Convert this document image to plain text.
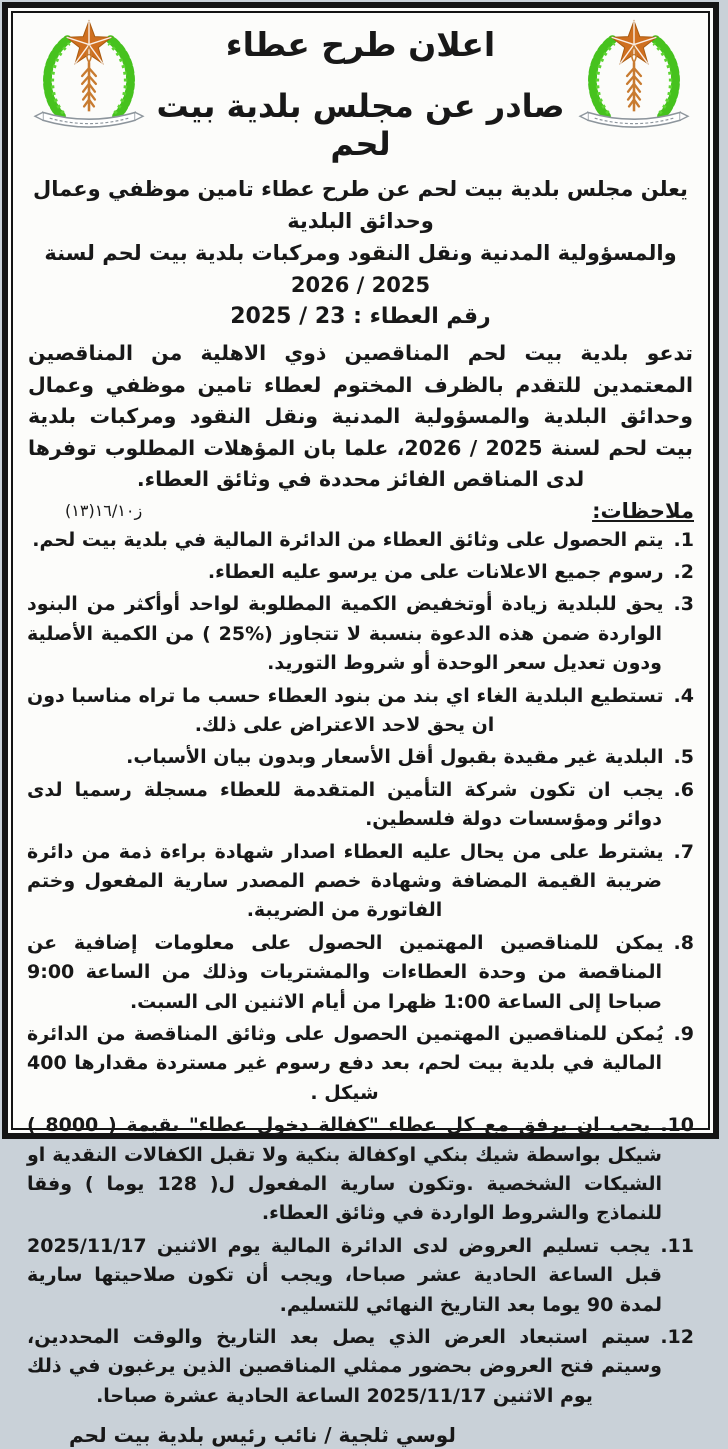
اعلان طرح عطاء
صادر عن مجلس بلدية بيت لحم
يعلن مجلس بلدية بيت لحم عن طرح عطاء تامين موظفي وعمال وحدائق البلدية
والمسؤولية المدنية ونقل النقود ومركبات بلدية بيت لحم لسنة 2025 / 2026
رقم العطاء : 23 / 2025
تدعو بلدية بيت لحم المناقصين ذوي الاهلية من المناقصين المعتمدين للتقدم بالظرف المختوم لعطاء تامين موظفي وعمال وحدائق البلدية والمسؤولية المدنية ونقل النقود ومركبات بلدية بيت لحم لسنة 2025 / 2026، علما بان المؤهلات المطلوب توفرها لدى المناقص الفائز محددة في وثائق العطاء.
ملاحظات:
ز١٦/١٠(١٣)
1.يتم الحصول على وثائق العطاء من الدائرة المالية في بلدية بيت لحم.
2.رسوم جميع الاعلانات على من يرسو عليه العطاء.
3.يحق للبلدية زيادة أوتخفيض الكمية المطلوبة لواحد أوأكثر من البنود الواردة ضمن هذه الدعوة بنسبة لا تتجاوز ⁦( 25%)⁩ من الكمية الأصلية ودون تعديل سعر الوحدة أو شروط التوريد.
4.تستطيع البلدية الغاء اي بند من بنود العطاء حسب ما تراه مناسبا دون ان يحق لاحد الاعتراض على ذلك.
5.البلدية غير مقيدة بقبول أقل الأسعار وبدون بيان الأسباب.
6.يجب ان تكون شركة التأمين المتقدمة للعطاء مسجلة رسميا لدى دوائر ومؤسسات دولة فلسطين.
7.يشترط على من يحال عليه العطاء اصدار شهادة براءة ذمة من دائرة ضريبة القيمة المضافة وشهادة خصم المصدر سارية المفعول وختم الفاتورة من الضريبة.
8.يمكن للمناقصين المهتمين الحصول على معلومات إضافية عن المناقصة من وحدة العطاءات والمشتريات وذلك من الساعة 9:00 صباحا إلى الساعة 1:00 ظهرا من أيام الاثنين الى السبت.
9.يُمكن للمناقصين المهتمين الحصول على وثائق المناقصة من الدائرة المالية في بلدية بيت لحم، بعد دفع رسوم غير مستردة مقدارها 400 شيكل .
10.يجب ان يرفق مع كل عطاء "كفالة دخول عطاء" بقيمة ( 8000 ) شيكل بواسطة شيك بنكي اوكفالة بنكية ولا تقبل الكفالات النقدية او الشيكات الشخصية .وتكون سارية المفعول ل( 128 يوما ) وفقا للنماذج والشروط الواردة في وثائق العطاء.
11.يجب تسليم العروض لدى الدائرة المالية يوم الاثنين 2025/11/17 قبل الساعة الحادية عشر صباحا، ويجب أن تكون صلاحيتها سارية لمدة 90 يوما بعد التاريخ النهائي للتسليم.
12.سيتم استبعاد العرض الذي يصل بعد التاريخ والوقت المحددين، وسيتم فتح العروض بحضور ممثلي المناقصين الذين يرغبون في ذلك يوم الاثنين 2025/11/17 الساعة الحادية عشرة صباحا.
لوسي ثلجية / نائب رئيس بلدية بيت لحم
